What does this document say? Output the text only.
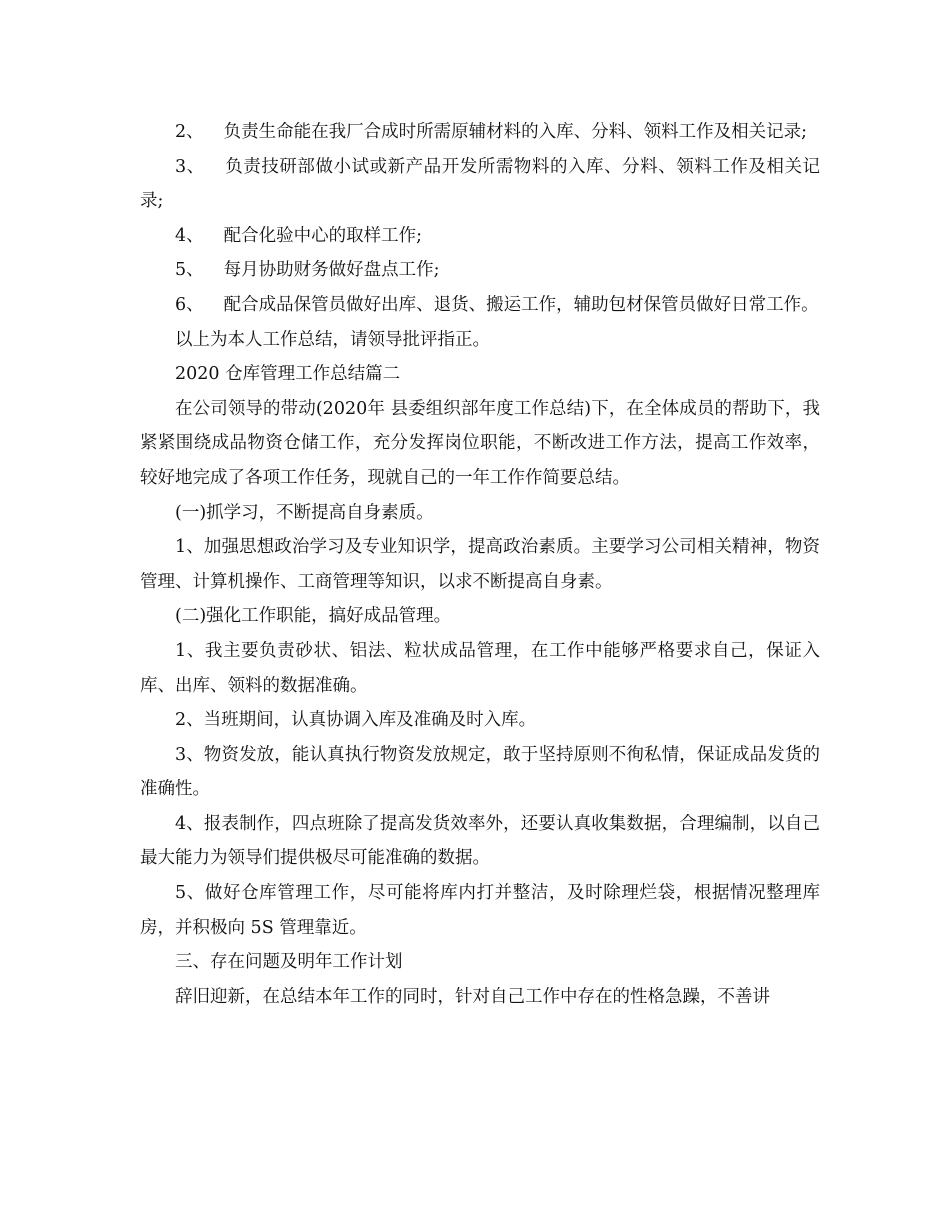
2、 负责生命能在我厂合成时所需原辅材料的入库、分料、领料工作及相关记录;

3、 负责技研部做小试或新产品开发所需物料的入库、分料、领料工作及相关记录;

4、 配合化验中心的取样工作;

5、 每月协助财务做好盘点工作;

6、 配合成品保管员做好出库、退货、搬运工作，辅助包材保管员做好日常工作。

以上为本人工作总结，请领导批评指正。

2020 仓库管理工作总结篇二

在公司领导的带动(2020年 县委组织部年度工作总结)下，在全体成员的帮助下，我紧紧围绕成品物资仓储工作，充分发挥岗位职能，不断改进工作方法，提高工作效率，较好地完成了各项工作任务，现就自己的一年工作作简要总结。

(一)抓学习，不断提高自身素质。

1、加强思想政治学习及专业知识学，提高政治素质。主要学习公司相关精神，物资管理、计算机操作、工商管理等知识，以求不断提高自身素。

(二)强化工作职能，搞好成品管理。

1、我主要负责砂状、铝法、粒状成品管理，在工作中能够严格要求自己，保证入库、出库、领料的数据准确。

2、当班期间，认真协调入库及准确及时入库。

3、物资发放，能认真执行物资发放规定，敢于坚持原则不徇私情，保证成品发货的准确性。

4、报表制作，四点班除了提高发货效率外，还要认真收集数据，合理编制，以自己最大能力为领导们提供极尽可能准确的数据。

5、做好仓库管理工作，尽可能将库内打并整洁，及时除理烂袋，根据情况整理库房，并积极向 5S 管理靠近。

三、存在问题及明年工作计划

辞旧迎新，在总结本年工作的同时，针对自己工作中存在的性格急躁，不善讲
